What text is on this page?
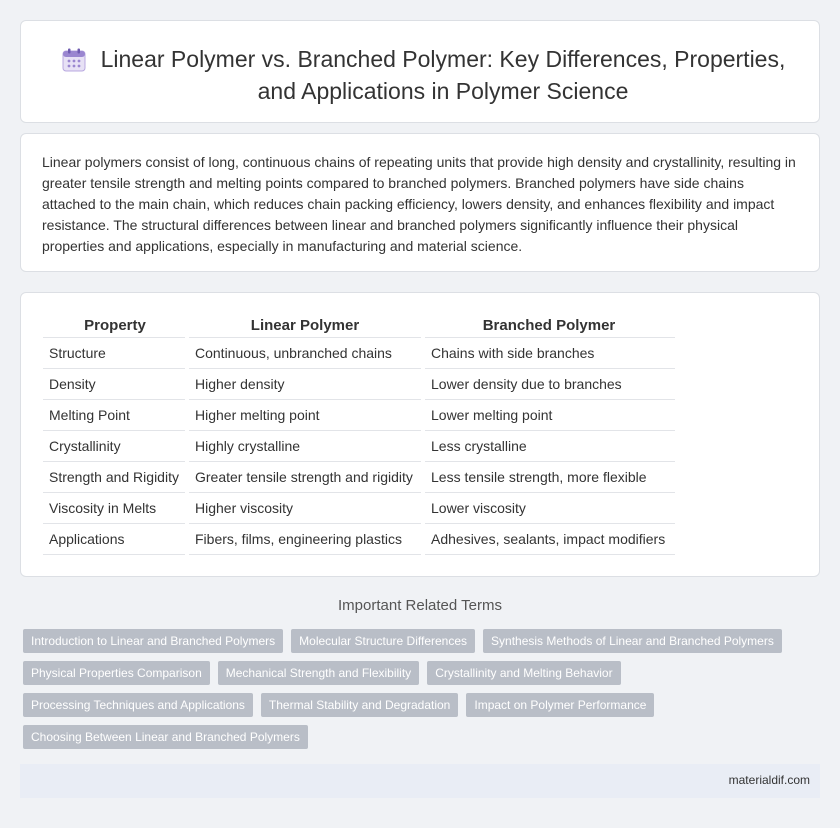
Linear Polymer vs. Branched Polymer: Key Differences, Properties, and Applications in Polymer Science

Linear polymers consist of long, continuous chains of repeating units that provide high density and crystallinity, resulting in greater tensile strength and melting points compared to branched polymers. Branched polymers have side chains attached to the main chain, which reduces chain packing efficiency, lowers density, and enhances flexibility and impact resistance. The structural differences between linear and branched polymers significantly influence their physical properties and applications, especially in manufacturing and material science.

Property	Linear Polymer	Branched Polymer
Structure	Continuous, unbranched chains	Chains with side branches
Density	Higher density	Lower density due to branches
Melting Point	Higher melting point	Lower melting point
Crystallinity	Highly crystalline	Less crystalline
Strength and Rigidity	Greater tensile strength and rigidity	Less tensile strength, more flexible
Viscosity in Melts	Higher viscosity	Lower viscosity
Applications	Fibers, films, engineering plastics	Adhesives, sealants, impact modifiers
Important Related Terms
Introduction to Linear and Branched Polymers	Molecular Structure Differences	Synthesis Methods of Linear and Branched Polymers
Physical Properties Comparison	Mechanical Strength and Flexibility	Crystallinity and Melting Behavior
Processing Techniques and Applications	Thermal Stability and Degradation	Impact on Polymer Performance
Choosing Between Linear and Branched Polymers
materialdif.com
